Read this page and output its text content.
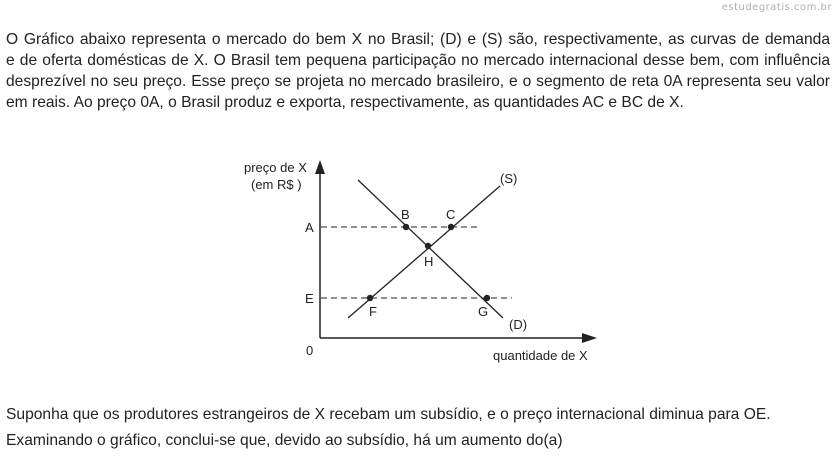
estudegratis.com.br
O Gráfico abaixo representa o mercado do bem X no Brasil; (D) e (S) são, respectivamente, as curvas de demanda
e de oferta domésticas de X. O Brasil tem pequena participação no mercado internacional desse bem, com influência
desprezível no seu preço. Esse preço se projeta no mercado brasileiro, e o segmento de reta 0A representa seu valor
em reais. Ao preço 0A, o Brasil produz e exporta, respectivamente, as quantidades AC e BC de X.
preço de X
(em R$ )
quantidade de X
0
A
E
(S)
(D)
B	C
H
F	G

Suponha que os produtores estrangeiros de X recebam um subsídio, e o preço internacional diminua para OE.

Examinando o gráfico, conclui-se que, devido ao subsídio, há um aumento do(a)
